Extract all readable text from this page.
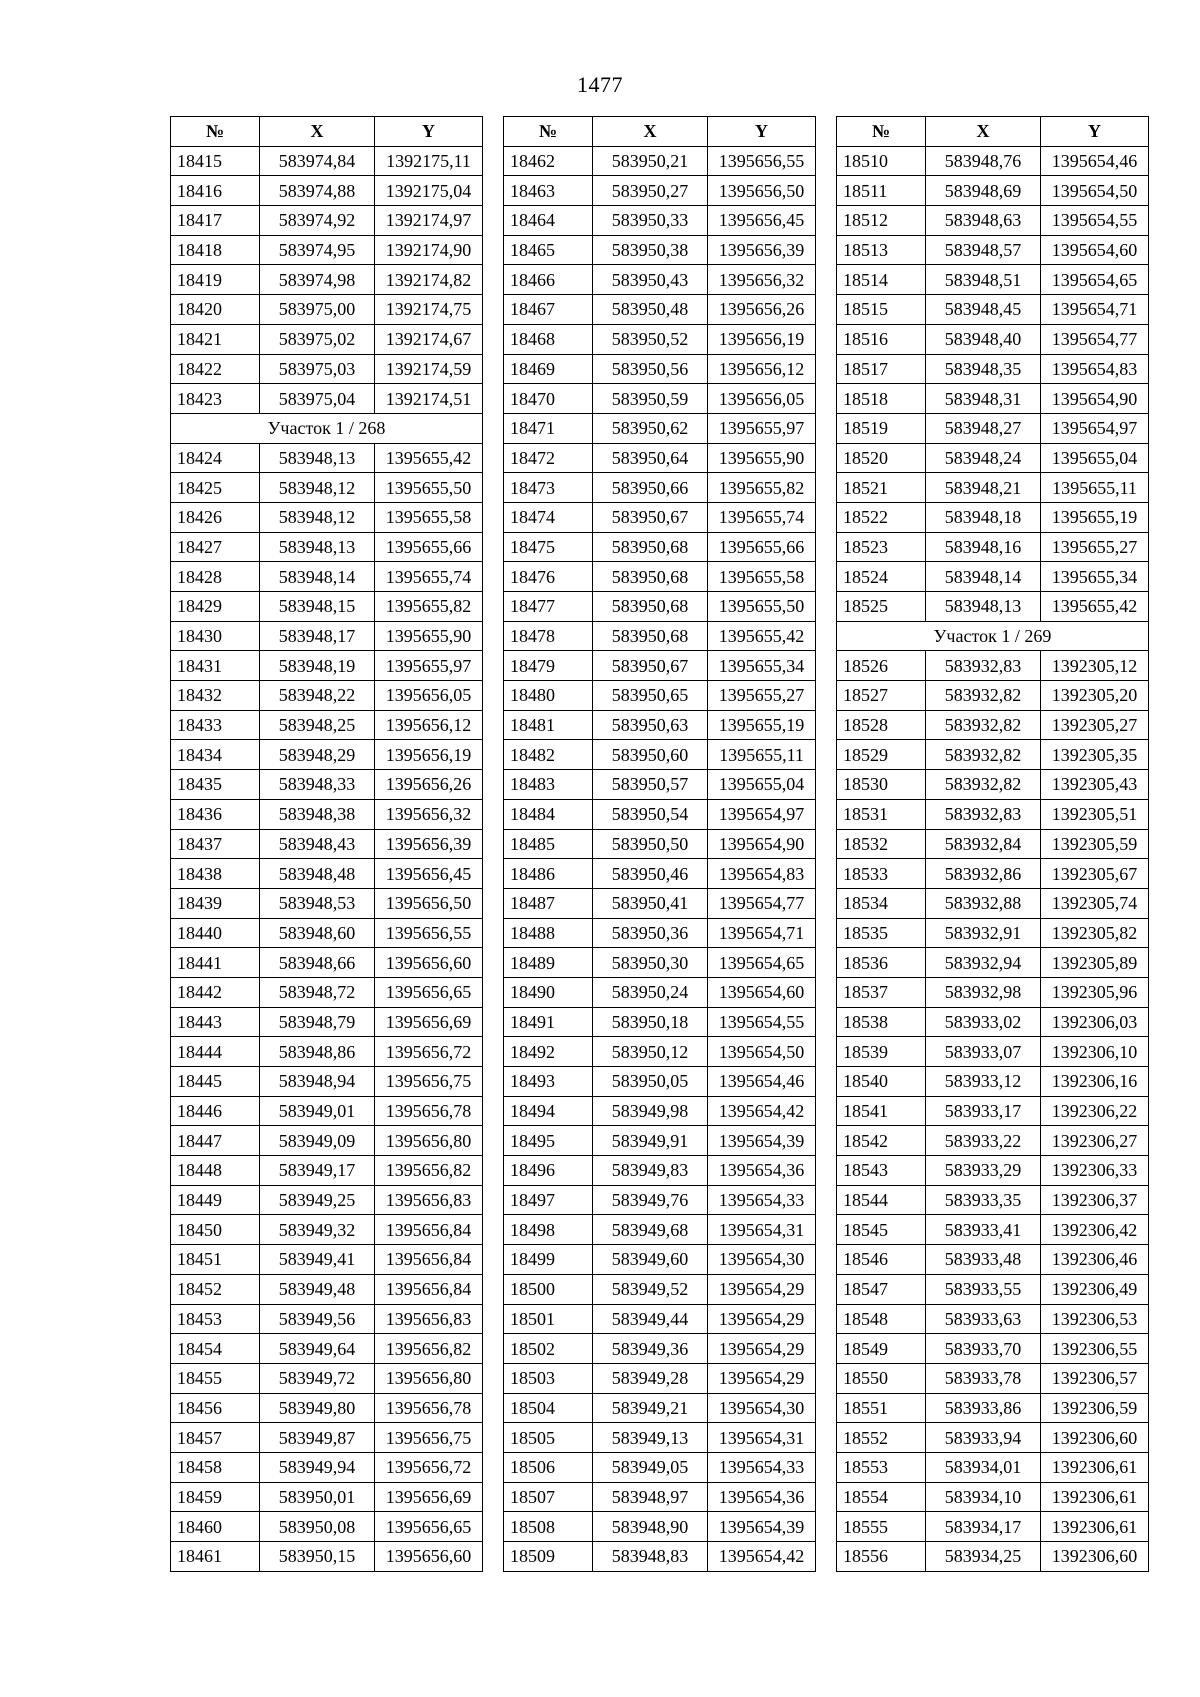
1477
№	X	Y
18415	583974,84	1392175,11
18416	583974,88	1392175,04
18417	583974,92	1392174,97
18418	583974,95	1392174,90
18419	583974,98	1392174,82
18420	583975,00	1392174,75
18421	583975,02	1392174,67
18422	583975,03	1392174,59
18423	583975,04	1392174,51
Участок 1 / 268		
18424	583948,13	1395655,42
18425	583948,12	1395655,50
18426	583948,12	1395655,58
18427	583948,13	1395655,66
18428	583948,14	1395655,74
18429	583948,15	1395655,82
18430	583948,17	1395655,90
18431	583948,19	1395655,97
18432	583948,22	1395656,05
18433	583948,25	1395656,12
18434	583948,29	1395656,19
18435	583948,33	1395656,26
18436	583948,38	1395656,32
18437	583948,43	1395656,39
18438	583948,48	1395656,45
18439	583948,53	1395656,50
18440	583948,60	1395656,55
18441	583948,66	1395656,60
18442	583948,72	1395656,65
18443	583948,79	1395656,69
18444	583948,86	1395656,72
18445	583948,94	1395656,75
18446	583949,01	1395656,78
18447	583949,09	1395656,80
18448	583949,17	1395656,82
18449	583949,25	1395656,83
18450	583949,32	1395656,84
18451	583949,41	1395656,84
18452	583949,48	1395656,84
18453	583949,56	1395656,83
18454	583949,64	1395656,82
18455	583949,72	1395656,80
18456	583949,80	1395656,78
18457	583949,87	1395656,75
18458	583949,94	1395656,72
18459	583950,01	1395656,69
18460	583950,08	1395656,65
18461	583950,15	1395656,60
№	X	Y
18462	583950,21	1395656,55
18463	583950,27	1395656,50
18464	583950,33	1395656,45
18465	583950,38	1395656,39
18466	583950,43	1395656,32
18467	583950,48	1395656,26
18468	583950,52	1395656,19
18469	583950,56	1395656,12
18470	583950,59	1395656,05
18471	583950,62	1395655,97
18472	583950,64	1395655,90
18473	583950,66	1395655,82
18474	583950,67	1395655,74
18475	583950,68	1395655,66
18476	583950,68	1395655,58
18477	583950,68	1395655,50
18478	583950,68	1395655,42
18479	583950,67	1395655,34
18480	583950,65	1395655,27
18481	583950,63	1395655,19
18482	583950,60	1395655,11
18483	583950,57	1395655,04
18484	583950,54	1395654,97
18485	583950,50	1395654,90
18486	583950,46	1395654,83
18487	583950,41	1395654,77
18488	583950,36	1395654,71
18489	583950,30	1395654,65
18490	583950,24	1395654,60
18491	583950,18	1395654,55
18492	583950,12	1395654,50
18493	583950,05	1395654,46
18494	583949,98	1395654,42
18495	583949,91	1395654,39
18496	583949,83	1395654,36
18497	583949,76	1395654,33
18498	583949,68	1395654,31
18499	583949,60	1395654,30
18500	583949,52	1395654,29
18501	583949,44	1395654,29
18502	583949,36	1395654,29
18503	583949,28	1395654,29
18504	583949,21	1395654,30
18505	583949,13	1395654,31
18506	583949,05	1395654,33
18507	583948,97	1395654,36
18508	583948,90	1395654,39
18509	583948,83	1395654,42
№	X	Y
18510	583948,76	1395654,46
18511	583948,69	1395654,50
18512	583948,63	1395654,55
18513	583948,57	1395654,60
18514	583948,51	1395654,65
18515	583948,45	1395654,71
18516	583948,40	1395654,77
18517	583948,35	1395654,83
18518	583948,31	1395654,90
18519	583948,27	1395654,97
18520	583948,24	1395655,04
18521	583948,21	1395655,11
18522	583948,18	1395655,19
18523	583948,16	1395655,27
18524	583948,14	1395655,34
18525	583948,13	1395655,42
Участок 1 / 269		
18526	583932,83	1392305,12
18527	583932,82	1392305,20
18528	583932,82	1392305,27
18529	583932,82	1392305,35
18530	583932,82	1392305,43
18531	583932,83	1392305,51
18532	583932,84	1392305,59
18533	583932,86	1392305,67
18534	583932,88	1392305,74
18535	583932,91	1392305,82
18536	583932,94	1392305,89
18537	583932,98	1392305,96
18538	583933,02	1392306,03
18539	583933,07	1392306,10
18540	583933,12	1392306,16
18541	583933,17	1392306,22
18542	583933,22	1392306,27
18543	583933,29	1392306,33
18544	583933,35	1392306,37
18545	583933,41	1392306,42
18546	583933,48	1392306,46
18547	583933,55	1392306,49
18548	583933,63	1392306,53
18549	583933,70	1392306,55
18550	583933,78	1392306,57
18551	583933,86	1392306,59
18552	583933,94	1392306,60
18553	583934,01	1392306,61
18554	583934,10	1392306,61
18555	583934,17	1392306,61
18556	583934,25	1392306,60
